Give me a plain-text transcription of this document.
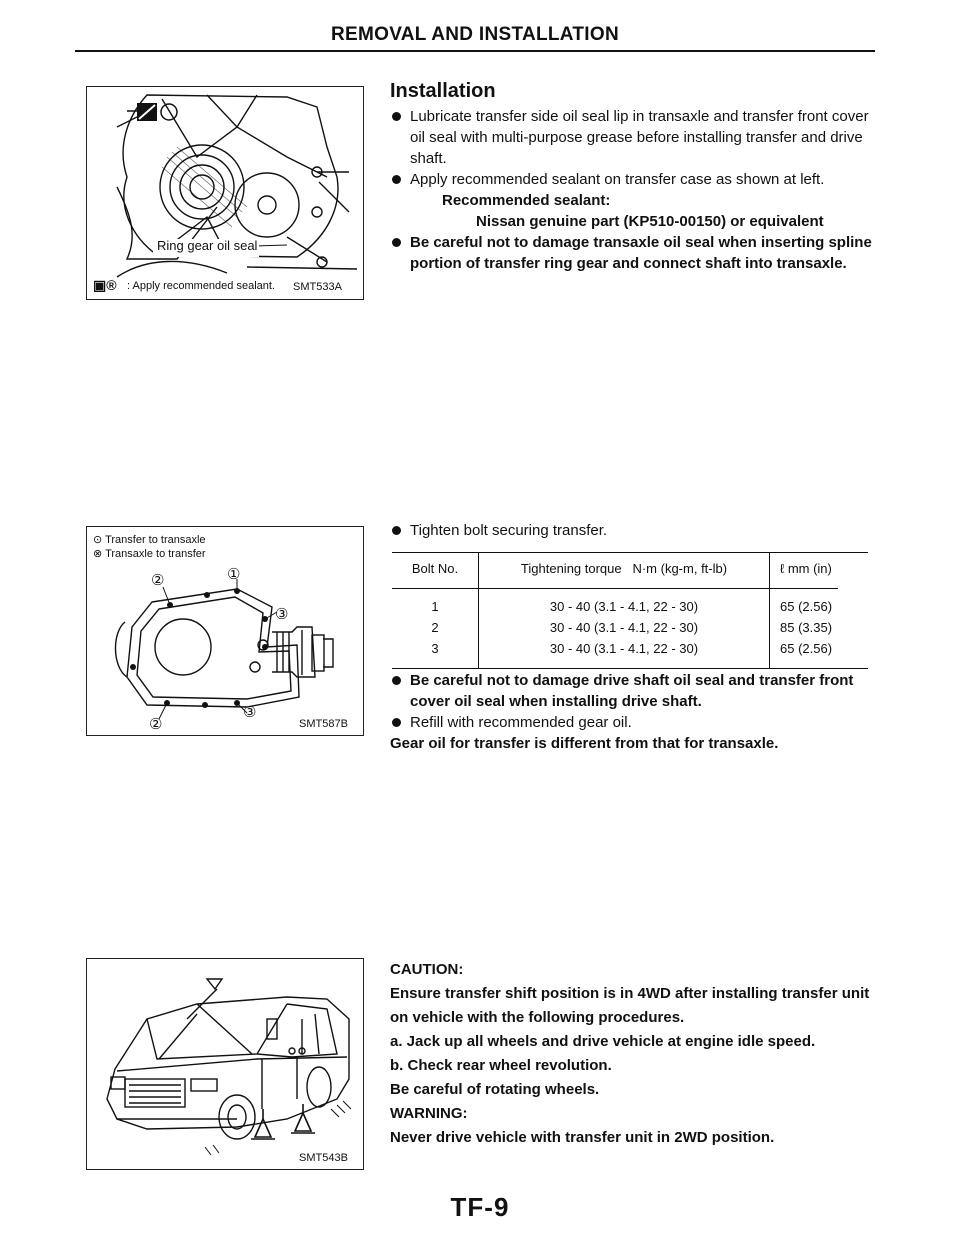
REMOVAL AND INSTALLATION
Ring gear oil seal
▣® : Apply recommended sealant. SMT533A
Installation

Lubricate transfer side oil seal lip in transaxle and transfer front cover oil seal with multi-purpose grease before installing transfer and drive shaft.

Apply recommended sealant on transfer case as shown at left.

Recommended sealant:

Nissan genuine part (KP510-00150) or equivalent

Be careful not to damage transaxle oil seal when inserting spline portion of transfer ring gear and connect shaft into transaxle.

⊙ Transfer to transaxle
⊗ Transaxle to transfer
②	①
③
②
③
SMT587B

Tighten bolt securing transfer.

Bolt No.	Tightening torque N·m (kg-m, ft-lb)	ℓ mm (in)
1	30 - 40 (3.1 - 4.1, 22 - 30)	65 (2.56)
2	30 - 40 (3.1 - 4.1, 22 - 30)	85 (3.35)
3	30 - 40 (3.1 - 4.1, 22 - 30)	65 (2.56)

Be careful not to damage drive shaft oil seal and transfer front cover oil seal when installing drive shaft.

Refill with recommended gear oil.

Gear oil for transfer is different from that for transaxle.

SMT543B

CAUTION:

Ensure transfer shift position is in 4WD after installing transfer unit on vehicle with the following procedures.

a. Jack up all wheels and drive vehicle at engine idle speed.

b. Check rear wheel revolution.

Be careful of rotating wheels.

WARNING:

Never drive vehicle with transfer unit in 2WD position.

TF-9
